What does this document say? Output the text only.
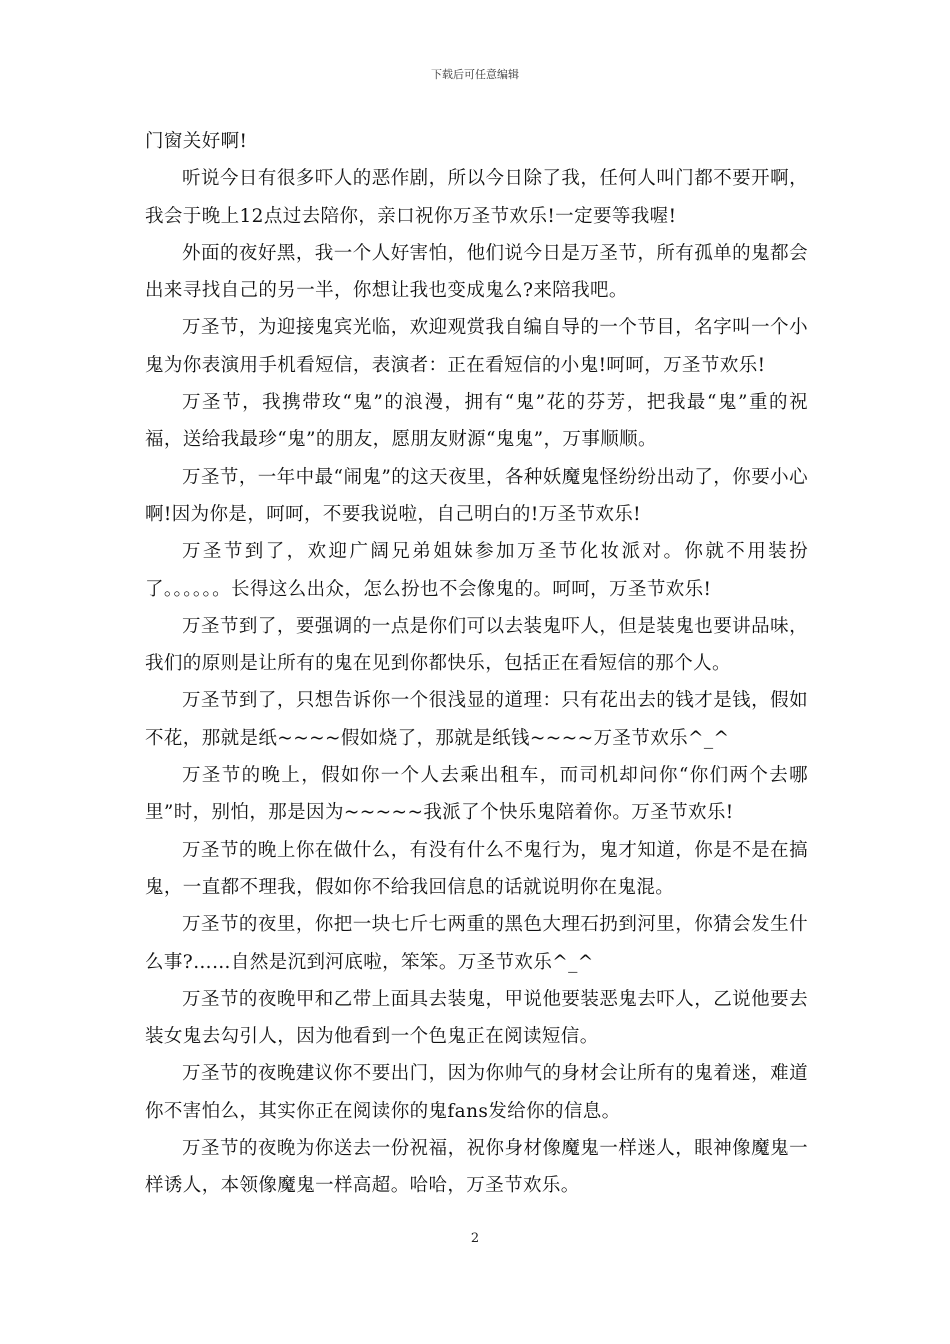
下载后可任意编辑

门窗关好啊!

听说今日有很多吓人的恶作剧，所以今日除了我，任何人叫门都不要开啊，我会于晚上12点过去陪你，亲口祝你万圣节欢乐!一定要等我喔!

外面的夜好黑，我一个人好害怕，他们说今日是万圣节，所有孤单的鬼都会出来寻找自己的另一半，你想让我也变成鬼么?来陪我吧。

万圣节，为迎接鬼宾光临，欢迎观赏我自编自导的一个节目，名字叫一个小鬼为你表演用手机看短信，表演者：正在看短信的小鬼!呵呵，万圣节欢乐!

万圣节，我携带玫“鬼”的浪漫，拥有“鬼”花的芬芳，把我最“鬼”重的祝福，送给我最珍“鬼”的朋友，愿朋友财源“鬼鬼”，万事顺顺。

万圣节，一年中最“闹鬼”的这天夜里，各种妖魔鬼怪纷纷出动了，你要小心啊!因为你是，呵呵，不要我说啦，自己明白的!万圣节欢乐!

万圣节到了，欢迎广阔兄弟姐妹参加万圣节化妆派对。你就不用装扮了。。。。。。长得这么出众，怎么扮也不会像鬼的。呵呵，万圣节欢乐!

万圣节到了，要强调的一点是你们可以去装鬼吓人，但是装鬼也要讲品味，我们的原则是让所有的鬼在见到你都快乐，包括正在看短信的那个人。

万圣节到了，只想告诉你一个很浅显的道理：只有花出去的钱才是钱，假如不花，那就是纸~~~~假如烧了，那就是纸钱~~~~万圣节欢乐^_^

万圣节的晚上，假如你一个人去乘出租车，而司机却问你“你们两个去哪里”时，别怕，那是因为~~~~~我派了个快乐鬼陪着你。万圣节欢乐!

万圣节的晚上你在做什么，有没有什么不鬼行为，鬼才知道，你是不是在搞鬼，一直都不理我，假如你不给我回信息的话就说明你在鬼混。

万圣节的夜里，你把一块七斤七两重的黑色大理石扔到河里，你猜会发生什么事?……自然是沉到河底啦，笨笨。万圣节欢乐^_^

万圣节的夜晚甲和乙带上面具去装鬼，甲说他要装恶鬼去吓人，乙说他要去装女鬼去勾引人，因为他看到一个色鬼正在阅读短信。

万圣节的夜晚建议你不要出门，因为你帅气的身材会让所有的鬼着迷，难道你不害怕么，其实你正在阅读你的鬼fans发给你的信息。

万圣节的夜晚为你送去一份祝福，祝你身材像魔鬼一样迷人，眼神像魔鬼一样诱人，本领像魔鬼一样高超。哈哈，万圣节欢乐。

2
